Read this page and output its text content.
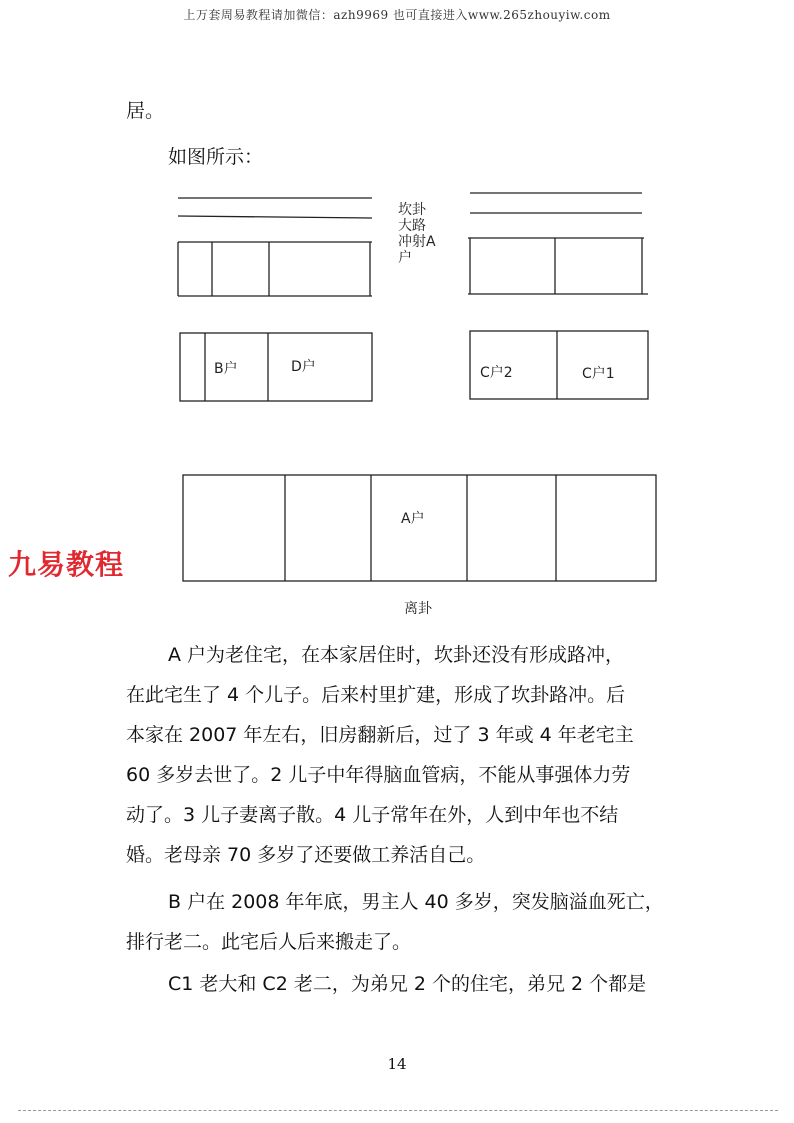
上万套周易教程请加微信：azh9969 也可直接进入www.265zhouyiw.com
九易教程
居。
如图所示：
坎卦
大路
冲射A
户
B户	D户	C户2	C户1
A户
离卦

A 户为老住宅，在本家居住时，坎卦还没有形成路冲，

在此宅生了 4 个儿子。后来村里扩建，形成了坎卦路冲。后

本家在 2007 年左右，旧房翻新后，过了 3 年或 4 年老宅主

60 多岁去世了。2 儿子中年得脑血管病，不能从事强体力劳

动了。3 儿子妻离子散。4 儿子常年在外，人到中年也不结

婚。老母亲 70 多岁了还要做工养活自己。

B 户在 2008 年年底，男主人 40 多岁，突发脑溢血死亡，

排行老二。此宅后人后来搬走了。

C1 老大和 C2 老二，为弟兄 2 个的住宅，弟兄 2 个都是

14
